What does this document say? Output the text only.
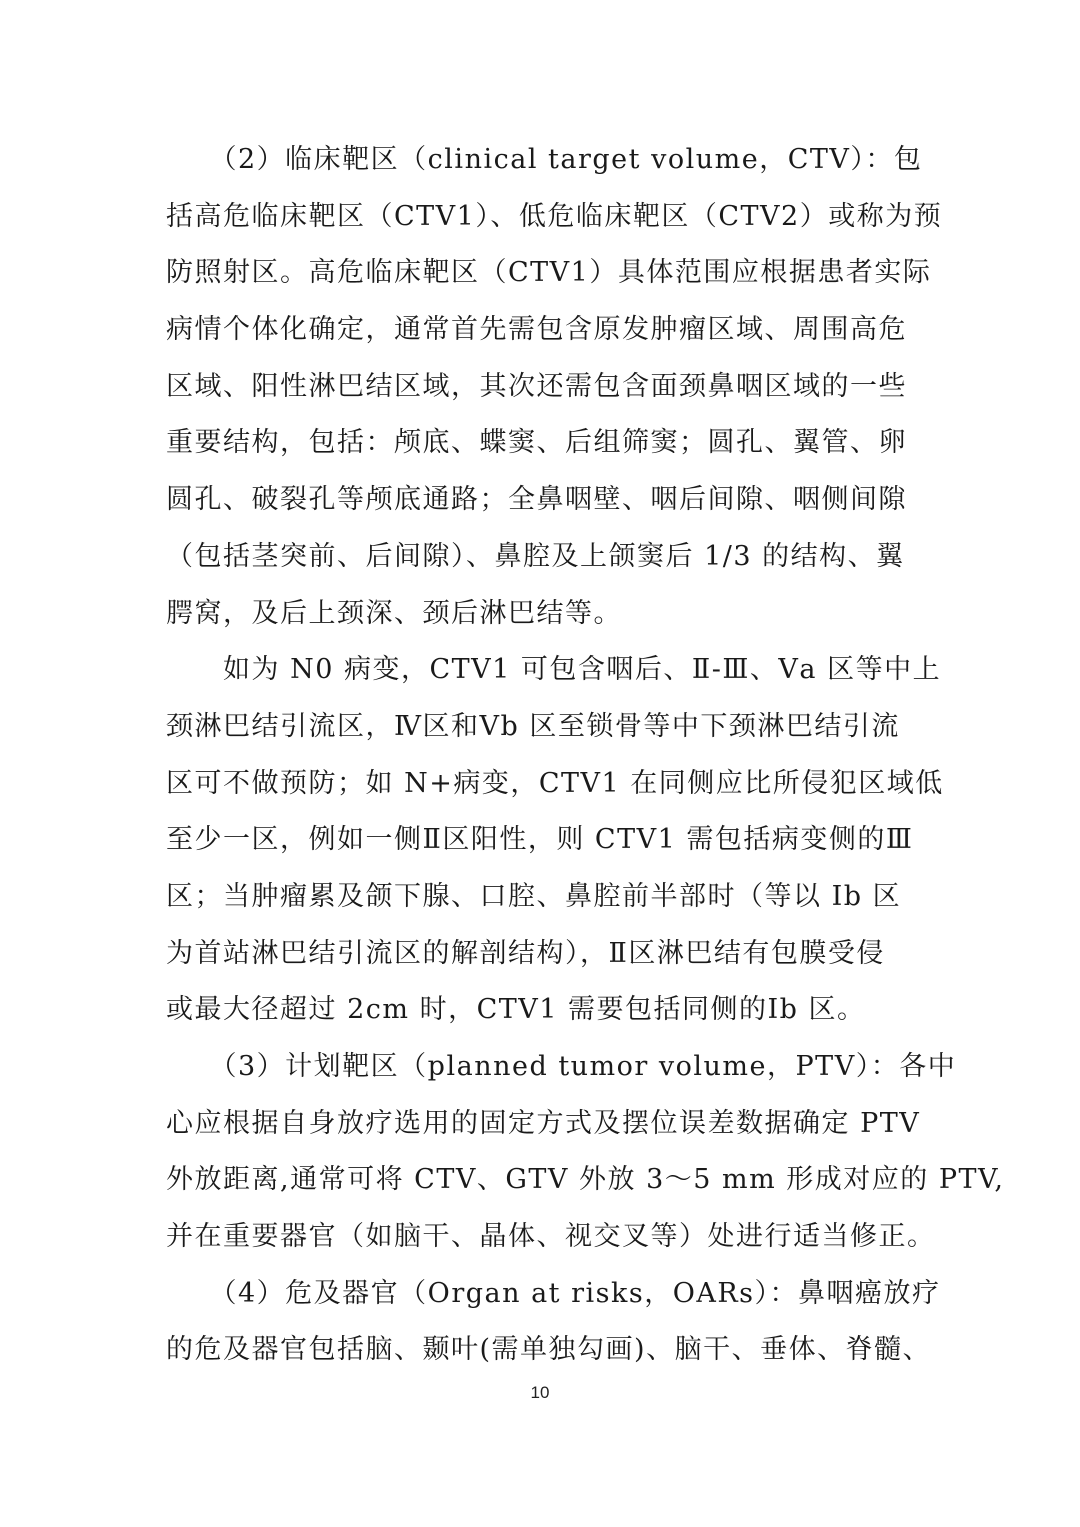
　　（2）临床靶区（clinical target volume，CTV）：包
括高危临床靶区（CTV1）、低危临床靶区（CTV2）或称为预
防照射区。高危临床靶区（CTV1）具体范围应根据患者实际
病情个体化确定，通常首先需包含原发肿瘤区域、周围高危
区域、阳性淋巴结区域，其次还需包含面颈鼻咽区域的一些
重要结构，包括：颅底、蝶窦、后组筛窦；圆孔、翼管、卵
圆孔、破裂孔等颅底通路；全鼻咽壁、咽后间隙、咽侧间隙
（包括茎突前、后间隙）、鼻腔及上颌窦后 1/3 的结构、翼
腭窝，及后上颈深、颈后淋巴结等。
　　如为 N0 病变，CTV1 可包含咽后、Ⅱ-Ⅲ、Ⅴa 区等中上
颈淋巴结引流区，Ⅳ区和Ⅴb 区至锁骨等中下颈淋巴结引流
区可不做预防；如 N+病变，CTV1 在同侧应比所侵犯区域低
至少一区，例如一侧Ⅱ区阳性，则 CTV1 需包括病变侧的Ⅲ
区；当肿瘤累及颌下腺、口腔、鼻腔前半部时（等以 Ib 区
为首站淋巴结引流区的解剖结构），Ⅱ区淋巴结有包膜受侵
或最大径超过 2cm 时，CTV1 需要包括同侧的Ⅰb 区。
　　（3）计划靶区（planned tumor volume，PTV）：各中
心应根据自身放疗选用的固定方式及摆位误差数据确定 PTV
外放距离,通常可将 CTV、GTV 外放 3～5 mm 形成对应的 PTV,
并在重要器官（如脑干、晶体、视交叉等）处进行适当修正。
　　（4）危及器官（Organ at risks，OARs）：鼻咽癌放疗
的危及器官包括脑、颞叶(需单独勾画)、脑干、垂体、脊髓、
10
